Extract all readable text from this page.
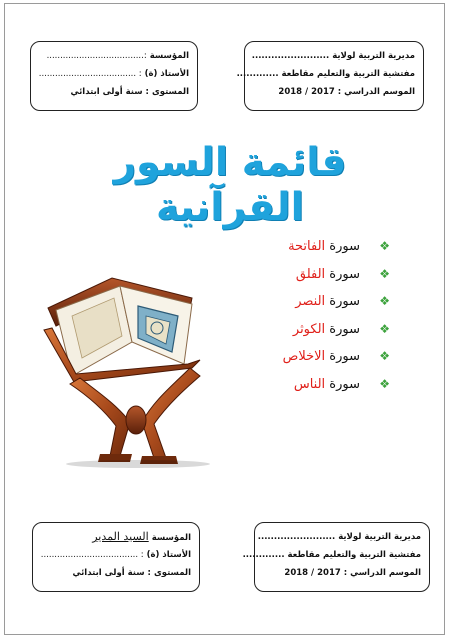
مديرية التربية لولاية ........................
مفتشية التربية والتعليم مقاطعة .............
الموسم الدراسي : 2017 / 2018
المؤسسة:....................................
الأستاذ (ة): ....................................
المستوى: سنة أولى ابتدائي
قائمة السور القرآنية
❖سورة الفاتحة
❖سورة الفلق
❖سورة النصر
❖سورة الكوثر
❖سورة الاخلاص
❖سورة الناس
مديرية التربية لولاية ........................
مفتشية التربية والتعليم مقاطعة .............
الموسم الدراسي : 2017 / 2018
المؤسسةالسيد المدير
الأستاذ (ة): ....................................
المستوى: سنة أولى ابتدائي
